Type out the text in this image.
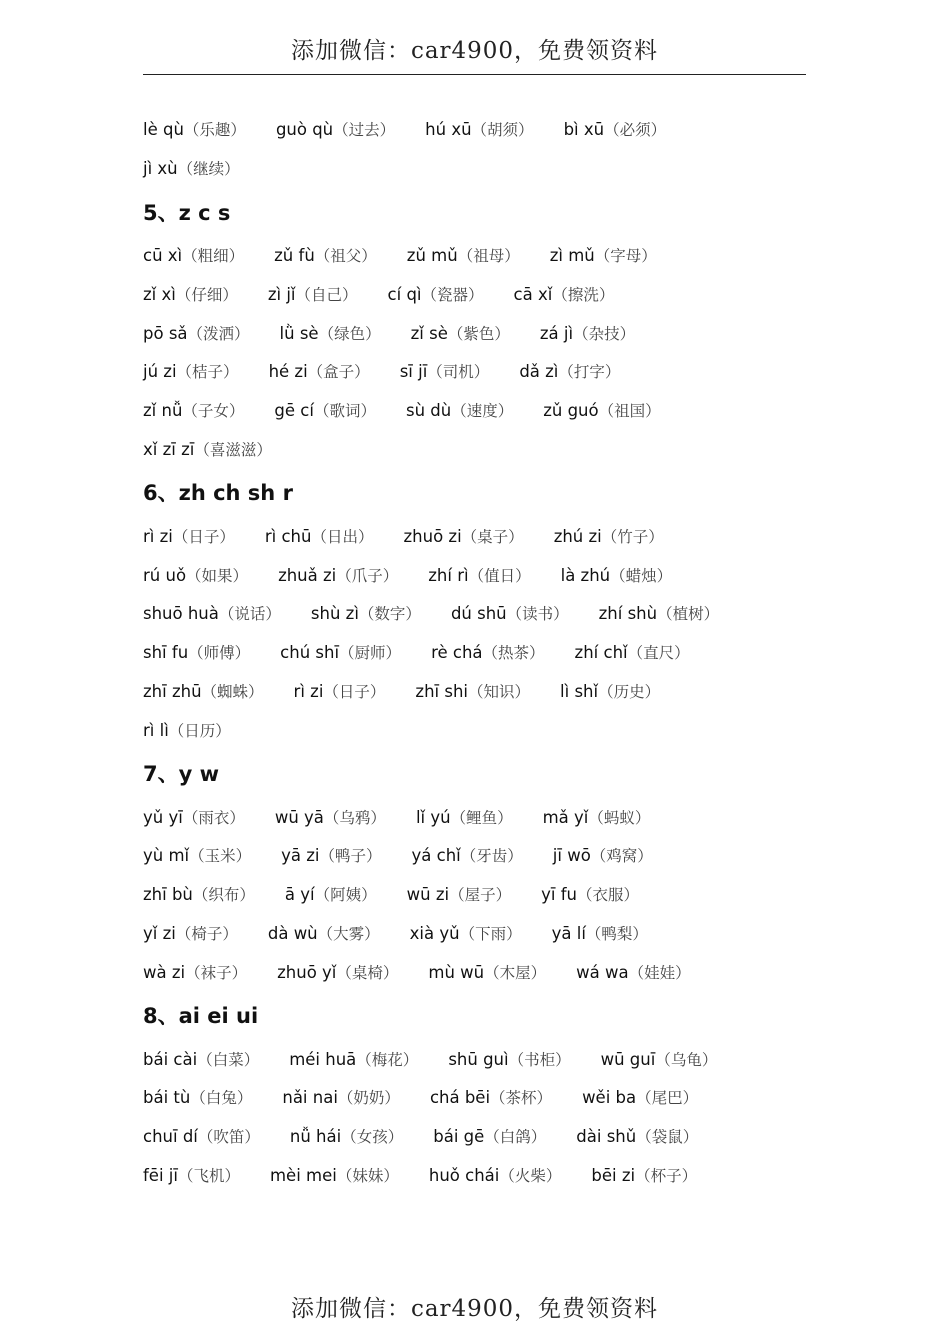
添加微信：car4900，免费领资料
lè qù（乐趣） guò qù（过去） hú xū（胡须） bì xū（必须）
jì xù（继续）
5、z c s
cū xì（粗细） zǔ fù（祖父） zǔ mǔ（祖母） zì mǔ（字母）
zǐ xì（仔细） zì jǐ（自己） cí qì（瓷器） cā xǐ（擦洗）
pō sǎ（泼洒） lǜ sè（绿色） zǐ sè（紫色） zá jì（杂技）
jú zi（桔子） hé zi（盒子） sī jī（司机） dǎ zì（打字）
zǐ nǚ（子女） gē cí（歌词） sù dù（速度） zǔ guó（祖国）
xǐ zī zī（喜滋滋）
6、zh ch sh r
rì zi（日子） rì chū（日出） zhuō zi（桌子） zhú zi（竹子）
rú uǒ（如果） zhuǎ zi（爪子） zhí rì（值日） là zhú（蜡烛）
shuō huà（说话） shù zì（数字） dú shū（读书） zhí shù（植树）
shī fu（师傅） chú shī（厨师） rè chá（热茶） zhí chǐ（直尺）
zhī zhū（蜘蛛） rì zi（日子） zhī shi（知识） lì shǐ（历史）
rì lì（日历）
7、y w
yǔ yī（雨衣） wū yā（乌鸦） lǐ yú（鲤鱼） mǎ yǐ（蚂蚁）
yù mǐ（玉米） yā zi（鸭子） yá chǐ（牙齿） jī wō（鸡窝）
zhī bù（织布） ā yí（阿姨） wū zi（屋子） yī fu（衣服）
yǐ zi（椅子） dà wù（大雾） xià yǔ（下雨） yā lí（鸭梨）
wà zi（袜子） zhuō yǐ（桌椅） mù wū（木屋） wá wa（娃娃）
8、ai ei ui
bái cài（白菜） méi huā（梅花） shū guì（书柜） wū guī（乌龟）
bái tù（白兔） nǎi nai（奶奶） chá bēi（茶杯） wěi ba（尾巴）
chuī dí（吹笛） nǚ hái（女孩） bái gē（白鸽） dài shǔ（袋鼠）
fēi jī（飞机） mèi mei（妹妹） huǒ chái（火柴） bēi zi（杯子）
添加微信：car4900，免费领资料
